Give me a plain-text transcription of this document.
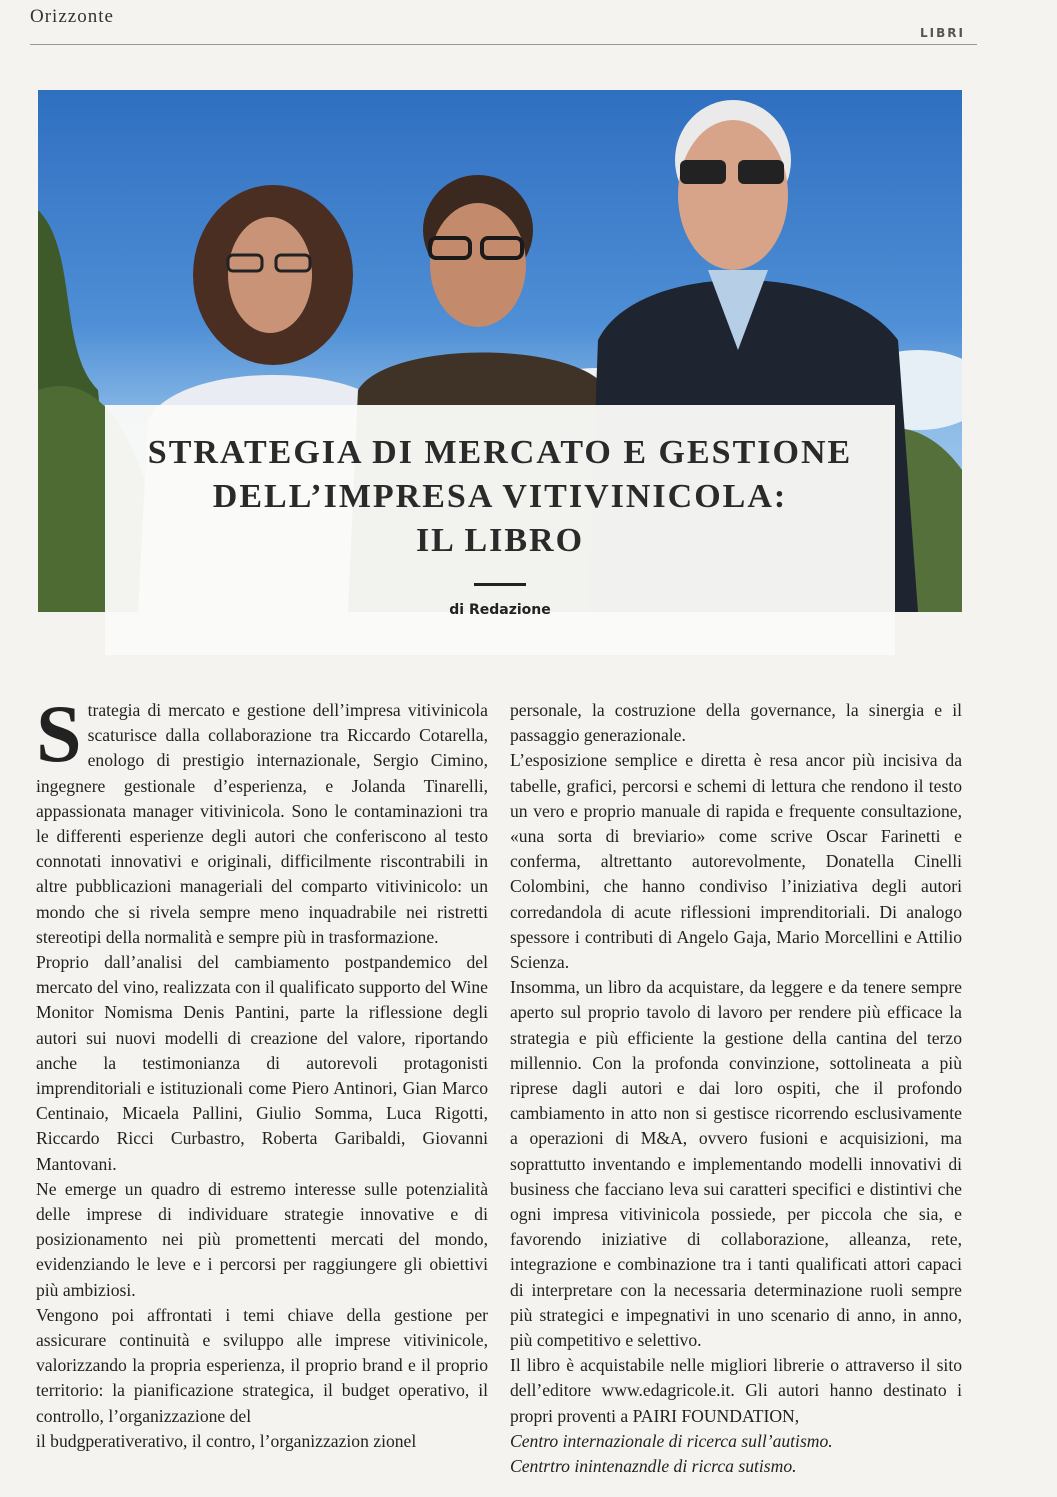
Orizzonte
LIBRI
STRATEGIA DI MERCATO E GESTIONE
DELL’IMPRESA VITIVINICOLA:
IL LIBRO
di Redazione

Strategia di mercato e gestione dell’impresa vitivinicola scaturisce dalla collaborazione tra Riccardo Cotarella, enologo di prestigio internazionale, Sergio Cimino, ingegnere gestionale d’esperienza, e Jolanda Tinarelli, appassionata manager vitivinicola. Sono le contaminazioni tra le differenti esperienze degli autori che conferiscono al testo connotati innovativi e originali, difficilmente riscontrabili in altre pubblicazioni manageriali del comparto vitivinicolo: un mondo che si rivela sempre meno inquadrabile nei ristretti stereotipi della normalità e sempre più in trasformazione.

Proprio dall’analisi del cambiamento postpandemico del mercato del vino, realizzata con il qualificato supporto del Wine Monitor Nomisma Denis Pantini, parte la riflessione degli autori sui nuovi modelli di creazione del valore, riportando anche la testimonianza di autorevoli protagonisti imprenditoriali e istituzionali come Piero Antinori, Gian Marco Centinaio, Micaela Pallini, Giulio Somma, Luca Rigotti, Riccardo Ricci Curbastro, Roberta Garibaldi, Giovanni Mantovani.

Ne emerge un quadro di estremo interesse sulle potenzialità delle imprese di individuare strategie innovative e di posizionamento nei più promettenti mercati del mondo, evidenziando le leve e i percorsi per raggiungere gli obiettivi più ambiziosi.

Vengono poi affrontati i temi chiave della gestione per assicurare continuità e sviluppo alle imprese vitivinicole, valorizzando la propria esperienza, il proprio brand e il proprio territorio: la pianificazione strategica, il budget operativo, il controllo, l’organizzazione del

il budgperativerativo, il contro, l’organizzazion zionel

personale, la costruzione della governance, la sinergia e il passaggio generazionale.

L’esposizione semplice e diretta è resa ancor più incisiva da tabelle, grafici, percorsi e schemi di lettura che rendono il testo un vero e proprio manuale di rapida e frequente consultazione, «una sorta di breviario» come scrive Oscar Farinetti e conferma, altrettanto autorevolmente, Donatella Cinelli Colombini, che hanno condiviso l’iniziativa degli autori corredandola di acute riflessioni imprenditoriali. Di analogo spessore i contributi di Angelo Gaja, Mario Morcellini e Attilio Scienza.

Insomma, un libro da acquistare, da leggere e da tenere sempre aperto sul proprio tavolo di lavoro per rendere più efficace la strategia e più efficiente la gestione della cantina del terzo millennio. Con la profonda convinzione, sottolineata a più riprese dagli autori e dai loro ospiti, che il profondo cambiamento in atto non si gestisce ricorrendo esclusivamente a operazioni di M&A, ovvero fusioni e acquisizioni, ma soprattutto inventando e implementando modelli innovativi di business che facciano leva sui caratteri specifici e distintivi che ogni impresa vitivinicola possiede, per piccola che sia, e favorendo iniziative di collaborazione, alleanza, rete, integrazione e combinazione tra i tanti qualificati attori capaci di interpretare con la necessaria determinazione ruoli sempre più strategici e impegnativi in uno scenario di anno, in anno, più competitivo e selettivo.

Il libro è acquistabile nelle migliori librerie o attraverso il sito dell’editore www.edagricole.it. Gli autori hanno destinato i propri proventi a PAIRI FOUNDATION,

Centro internazionale di ricerca sull’autismo.

Centrtro inintenazndle di ricrca sutismo.
